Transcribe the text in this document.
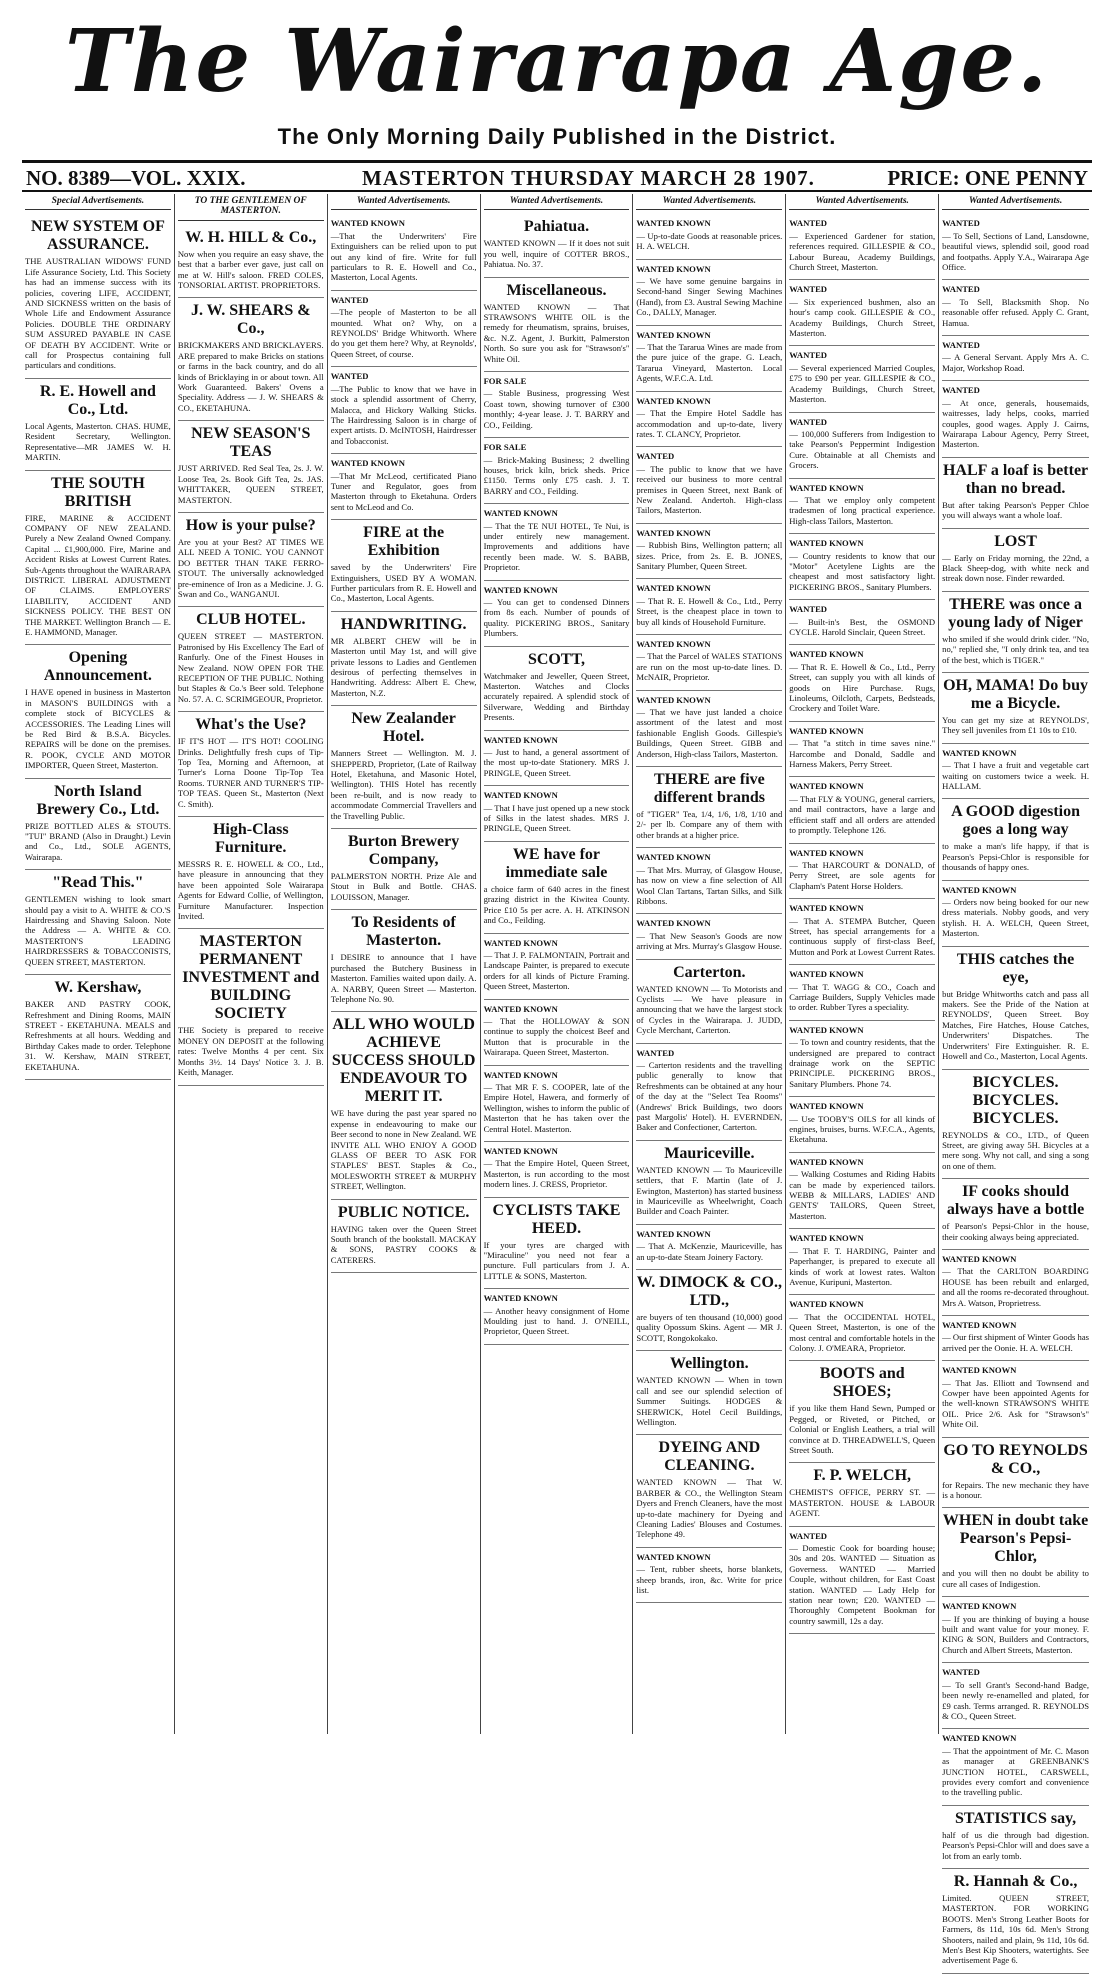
The Wairarapa Age.
The Only Morning Daily Published in the District.
NO. 8389—VOL. XXIX.	MASTERTON THURSDAY MARCH 28 1907.	PRICE: ONE PENNY
Special Advertisements.
NEW SYSTEM OF ASSURANCE.

THE AUSTRALIAN WIDOWS' FUND Life Assurance Society, Ltd. This Society has had an immense success with its policies, covering LIFE, ACCIDENT, AND SICKNESS written on the basis of Whole Life and Endowment Assurance Policies. DOUBLE THE ORDINARY SUM ASSURED PAYABLE IN CASE OF DEATH BY ACCIDENT. Write or call for Prospectus containing full particulars and conditions.

R. E. Howell and Co., Ltd.

Local Agents, Masterton. CHAS. HUME, Resident Secretary, Wellington. Representative—MR JAMES W. H. MARTIN.

THE SOUTH BRITISH

FIRE, MARINE & ACCIDENT COMPANY OF NEW ZEALAND. Purely a New Zealand Owned Company. Capital ... £1,900,000. Fire, Marine and Accident Risks at Lowest Current Rates. Sub-Agents throughout the WAIRARAPA DISTRICT. LIBERAL ADJUSTMENT OF CLAIMS. EMPLOYERS' LIABILITY, ACCIDENT AND SICKNESS POLICY. THE BEST ON THE MARKET. Wellington Branch — E. E. HAMMOND, Manager.

Opening Announcement.

I HAVE opened in business in Masterton in MASON'S BUILDINGS with a complete stock of BICYCLES & ACCESSORIES. The Leading Lines will be Red Bird & B.S.A. Bicycles. REPAIRS will be done on the premises. R. POOK, CYCLE AND MOTOR IMPORTER, Queen Street, Masterton.

North Island Brewery Co., Ltd.

PRIZE BOTTLED ALES & STOUTS. "TUI" BRAND (Also in Draught.) Levin and Co., Ltd., SOLE AGENTS, Wairarapa.

"Read This."

GENTLEMEN wishing to look smart should pay a visit to A. WHITE & CO.'S Hairdressing and Shaving Saloon. Note the Address — A. WHITE & CO. MASTERTON'S LEADING HAIRDRESSERS & TOBACCONISTS, QUEEN STREET, MASTERTON.

W. Kershaw,

BAKER AND PASTRY COOK, Refreshment and Dining Rooms, MAIN STREET - EKETAHUNA. MEALS and Refreshments at all hours. Wedding and Birthday Cakes made to order. Telephone 31. W. Kershaw, MAIN STREET, EKETAHUNA.

TO THE GENTLEMEN OF MASTERTON.
W. H. HILL & Co.,

Now when you require an easy shave, the best that a barber ever gave, just call on me at W. Hill's saloon. FRED COLES, TONSORIAL ARTIST. PROPRIETORS.

J. W. SHEARS & Co.,

BRICKMAKERS AND BRICKLAYERS. ARE prepared to make Bricks on stations or farms in the back country, and do all kinds of Bricklaying in or about town. All Work Guaranteed. Bakers' Ovens a Speciality. Address — J. W. SHEARS & CO., EKETAHUNA.

NEW SEASON'S TEAS

JUST ARRIVED. Red Seal Tea, 2s. J. W. Loose Tea, 2s. Book Gift Tea, 2s. JAS. WHITTAKER, QUEEN STREET, MASTERTON.

How is your pulse?

Are you at your Best? AT TIMES WE ALL NEED A TONIC. YOU CANNOT DO BETTER THAN TAKE FERRO-STOUT. The universally acknowledged pre-eminence of Iron as a Medicine. J. G. Swan and Co., WANGANUI.

CLUB HOTEL.

QUEEN STREET — MASTERTON. Patronised by His Excellency The Earl of Ranfurly. One of the Finest Houses in New Zealand. NOW OPEN FOR THE RECEPTION OF THE PUBLIC. Nothing but Staples & Co.'s Beer sold. Telephone No. 57. A. C. SCRIMGEOUR, Proprietor.

What's the Use?

IF IT'S HOT — IT'S HOT! COOLING Drinks. Delightfully fresh cups of Tip-Top Tea, Morning and Afternoon, at Turner's Lorna Doone Tip-Top Tea Rooms. TURNER AND TURNER'S TIP-TOP TEAS. Queen St., Masterton (Next C. Smith).

High-Class Furniture.

MESSRS R. E. HOWELL & CO., Ltd., have pleasure in announcing that they have been appointed Sole Wairarapa Agents for Edward Collie, of Wellington, Furniture Manufacturer. Inspection Invited.

MASTERTON PERMANENT INVESTMENT and BUILDING SOCIETY

THE Society is prepared to receive MONEY ON DEPOSIT at the following rates: Twelve Months 4 per cent. Six Months 3½. 14 Days' Notice 3. J. B. Keith, Manager.

Wanted Advertisements.
WANTED KNOWN

—That the Underwriters' Fire Extinguishers can be relied upon to put out any kind of fire. Write for full particulars to R. E. Howell and Co., Masterton, Local Agents.

WANTED

—The people of Masterton to be all mounted. What on? Why, on a REYNOLDS' Bridge Whitworth. Where do you get them here? Why, at Reynolds', Queen Street, of course.

WANTED

—The Public to know that we have in stock a splendid assortment of Cherry, Malacca, and Hickory Walking Sticks. The Hairdressing Saloon is in charge of expert artists. D. McINTOSH, Hairdresser and Tobacconist.

WANTED KNOWN

—That Mr McLeod, certificated Piano Tuner and Regulator, goes from Masterton through to Eketahuna. Orders sent to McLeod and Co.

FIRE at the Exhibition

saved by the Underwriters' Fire Extinguishers, USED BY A WOMAN. Further particulars from R. E. Howell and Co., Masterton, Local Agents.

HANDWRITING.

MR ALBERT CHEW will be in Masterton until May 1st, and will give private lessons to Ladies and Gentlemen desirous of perfecting themselves in Handwriting. Address: Albert E. Chew, Masterton, N.Z.

New Zealander Hotel.

Manners Street — Wellington. M. J. SHEPPERD, Proprietor, (Late of Railway Hotel, Eketahuna, and Masonic Hotel, Wellington). THIS Hotel has recently been re-built, and is now ready to accommodate Commercial Travellers and the Travelling Public.

Burton Brewery Company,

PALMERSTON NORTH. Prize Ale and Stout in Bulk and Bottle. CHAS. LOUISSON, Manager.

To Residents of Masterton.

I DESIRE to announce that I have purchased the Butchery Business in Masterton. Families waited upon daily. A. A. NARBY, Queen Street — Masterton. Telephone No. 90.

ALL WHO WOULD ACHIEVE SUCCESS SHOULD ENDEAVOUR TO MERIT IT.

WE have during the past year spared no expense in endeavouring to make our Beer second to none in New Zealand. WE INVITE ALL WHO ENJOY A GOOD GLASS OF BEER TO ASK FOR STAPLES' BEST. Staples & Co., MOLESWORTH STREET & MURPHY STREET, Wellington.

PUBLIC NOTICE.

HAVING taken over the Queen Street South branch of the bookstall. MACKAY & SONS, PASTRY COOKS & CATERERS.

Wanted Advertisements.
Pahiatua.

WANTED KNOWN — If it does not suit you well, inquire of COTTER BROS., Pahiatua. No. 37.

Miscellaneous.

WANTED KNOWN — That STRAWSON'S WHITE OIL is the remedy for rheumatism, sprains, bruises, &c. N.Z. Agent, J. Burkitt, Palmerston North. So sure you ask for "Strawson's" White Oil.

FOR SALE

— Stable Business, progressing West Coast town, showing turnover of £300 monthly; 4-year lease. J. T. BARRY and CO., Feilding.

FOR SALE

— Brick-Making Business; 2 dwelling houses, brick kiln, brick sheds. Price £1150. Terms only £75 cash. J. T. BARRY and CO., Feilding.

WANTED KNOWN

— That the TE NUI HOTEL, Te Nui, is under entirely new management. Improvements and additions have recently been made. W. S. BABB, Proprietor.

WANTED KNOWN

— You can get to condensed Dinners from 8s each. Number of pounds of quality. PICKERING BROS., Sanitary Plumbers.

SCOTT,

Watchmaker and Jeweller, Queen Street, Masterton. Watches and Clocks accurately repaired. A splendid stock of Silverware, Wedding and Birthday Presents.

WANTED KNOWN

— Just to hand, a general assortment of the most up-to-date Stationery. MRS J. PRINGLE, Queen Street.

WANTED KNOWN

— That I have just opened up a new stock of Silks in the latest shades. MRS J. PRINGLE, Queen Street.

WE have for immediate sale

a choice farm of 640 acres in the finest grazing district in the Kiwitea County. Price £10 5s per acre. A. H. ATKINSON and Co., Feilding.

WANTED KNOWN

— That J. P. FALMONTAIN, Portrait and Landscape Painter, is prepared to execute orders for all kinds of Picture Framing. Queen Street, Masterton.

WANTED KNOWN

— That the HOLLOWAY & SON continue to supply the choicest Beef and Mutton that is procurable in the Wairarapa. Queen Street, Masterton.

WANTED KNOWN

— That MR F. S. COOPER, late of the Empire Hotel, Hawera, and formerly of Wellington, wishes to inform the public of Masterton that he has taken over the Central Hotel. Masterton.

WANTED KNOWN

— That the Empire Hotel, Queen Street, Masterton, is run according to the most modern lines. J. CRESS, Proprietor.

CYCLISTS TAKE HEED.

If your tyres are charged with "Miraculine" you need not fear a puncture. Full particulars from J. A. LITTLE & SONS, Masterton.

WANTED KNOWN

— Another heavy consignment of Home Moulding just to hand. J. O'NEILL, Proprietor, Queen Street.

Wanted Advertisements.
WANTED KNOWN

— Up-to-date Goods at reasonable prices. H. A. WELCH.

WANTED KNOWN

— We have some genuine bargains in Second-hand Singer Sewing Machines (Hand), from £3. Austral Sewing Machine Co., DALLY, Manager.

WANTED KNOWN

— That the Tararua Wines are made from the pure juice of the grape. G. Leach, Tararua Vineyard, Masterton. Local Agents, W.F.C.A. Ltd.

WANTED KNOWN

— That the Empire Hotel Saddle has accommodation and up-to-date, livery rates. T. CLANCY, Proprietor.

WANTED

— The public to know that we have received our business to more central premises in Queen Street, next Bank of New Zealand. Andertoh. High-class Tailors, Masterton.

WANTED KNOWN

— Rubbish Bins, Wellington pattern; all sizes. Price, from 2s. E. B. JONES, Sanitary Plumber, Queen Street.

WANTED KNOWN

— That R. E. Howell & Co., Ltd., Perry Street, is the cheapest place in town to buy all kinds of Household Furniture.

WANTED KNOWN

— That the Parcel of WALES STATIONS are run on the most up-to-date lines. D. McNAIR, Proprietor.

WANTED KNOWN

— That we have just landed a choice assortment of the latest and most fashionable English Goods. Gillespie's Buildings, Queen Street. GIBB and Anderson, High-class Tailors, Masterton.

THERE are five different brands

of "TIGER" Tea, 1/4, 1/6, 1/8, 1/10 and 2/- per lb. Compare any of them with other brands at a higher price.

WANTED KNOWN

— That Mrs. Murray, of Glasgow House, has now on view a fine selection of All Wool Clan Tartans, Tartan Silks, and Silk Ribbons.

WANTED KNOWN

— That New Season's Goods are now arriving at Mrs. Murray's Glasgow House.

Carterton.

WANTED KNOWN — To Motorists and Cyclists — We have pleasure in announcing that we have the largest stock of Cycles in the Wairarapa. J. JUDD, Cycle Merchant, Carterton.

WANTED

— Carterton residents and the travelling public generally to know that Refreshments can be obtained at any hour of the day at the "Select Tea Rooms" (Andrews' Brick Buildings, two doors past Margolis' Hotel). H. EVERNDEN, Baker and Confectioner, Carterton.

Mauriceville.

WANTED KNOWN — To Mauriceville settlers, that F. Martin (late of J. Ewington, Masterton) has started business in Mauriceville as Wheelwright, Coach Builder and Coach Painter.

WANTED KNOWN

— That A. McKenzie, Mauriceville, has an up-to-date Steam Joinery Factory.

W. DIMOCK & CO., LTD.,

are buyers of ten thousand (10,000) good quality Opossum Skins. Agent — MR J. SCOTT, Rongokokako.

Wellington.

WANTED KNOWN — When in town call and see our splendid selection of Summer Suitings. HODGES & SHERWICK, Hotel Cecil Buildings, Wellington.

DYEING AND CLEANING.

WANTED KNOWN — That W. BARBER & CO., the Wellington Steam Dyers and French Cleaners, have the most up-to-date machinery for Dyeing and Cleaning Ladies' Blouses and Costumes. Telephone 49.

WANTED KNOWN

— Tent, rubber sheets, horse blankets, sheep brands, iron, &c. Write for price list.

Wanted Advertisements.
WANTED

— Experienced Gardener for station, references required. GILLESPIE & CO., Labour Bureau, Academy Buildings, Church Street, Masterton.

WANTED

— Six experienced bushmen, also an hour's camp cook. GILLESPIE & CO., Academy Buildings, Church Street, Masterton.

WANTED

— Several experienced Married Couples, £75 to £90 per year. GILLESPIE & CO., Academy Buildings, Church Street, Masterton.

WANTED

— 100,000 Sufferers from Indigestion to take Pearson's Peppermint Indigestion Cure. Obtainable at all Chemists and Grocers.

WANTED KNOWN

— That we employ only competent tradesmen of long practical experience. High-class Tailors, Masterton.

WANTED KNOWN

— Country residents to know that our "Motor" Acetylene Lights are the cheapest and most satisfactory light. PICKERING BROS., Sanitary Plumbers.

WANTED

— Built-in's Best, the OSMOND CYCLE. Harold Sinclair, Queen Street.

WANTED KNOWN

— That R. E. Howell & Co., Ltd., Perry Street, can supply you with all kinds of goods on Hire Purchase. Rugs, Linoleums, Oilcloth, Carpets, Bedsteads, Crockery and Toilet Ware.

WANTED KNOWN

— That "a stitch in time saves nine." Harcombe and Donald, Saddle and Harness Makers, Perry Street.

WANTED KNOWN

— That FLY & YOUNG, general carriers, and mail contractors, have a large and efficient staff and all orders are attended to promptly. Telephone 126.

WANTED KNOWN

— That HARCOURT & DONALD, of Perry Street, are sole agents for Clapham's Patent Horse Holders.

WANTED KNOWN

— That A. STEMPA Butcher, Queen Street, has special arrangements for a continuous supply of first-class Beef, Mutton and Pork at Lowest Current Rates.

WANTED KNOWN

— That T. WAGG & CO., Coach and Carriage Builders, Supply Vehicles made to order. Rubber Tyres a speciality.

WANTED KNOWN

— To town and country residents, that the undersigned are prepared to contract drainage work on the SEPTIC PRINCIPLE. PICKERING BROS., Sanitary Plumbers. Phone 74.

WANTED KNOWN

— Use TOOBY'S OILS for all kinds of engines, bruises, burns. W.F.C.A., Agents, Eketahuna.

WANTED KNOWN

— Walking Costumes and Riding Habits can be made by experienced tailors. WEBB & MILLARS, LADIES' AND GENTS' TAILORS, Queen Street, Masterton.

WANTED KNOWN

— That F. T. HARDING, Painter and Paperhanger, is prepared to execute all kinds of work at lowest rates. Walton Avenue, Kuripuni, Masterton.

WANTED KNOWN

— That the OCCIDENTAL HOTEL, Queen Street, Masterton, is one of the most central and comfortable hotels in the Colony. J. O'MEARA, Proprietor.

BOOTS and SHOES;

if you like them Hand Sewn, Pumped or Pegged, or Riveted, or Pitched, or Colonial or English Leathers, a trial will convince at D. THREADWELL'S, Queen Street South.

F. P. WELCH,

CHEMIST'S OFFICE, PERRY ST. — MASTERTON. HOUSE & LABOUR AGENT.

WANTED

— Domestic Cook for boarding house; 30s and 20s. WANTED — Situation as Governess. WANTED — Married Couple, without children, for East Coast station. WANTED — Lady Help for station near town; £20. WANTED — Thoroughly Competent Bookman for country sawmill, 12s a day.

Wanted Advertisements.
WANTED

— To Sell, Sections of Land, Lansdowne, beautiful views, splendid soil, good road and footpaths. Apply Y.A., Wairarapa Age Office.

WANTED

— To Sell, Blacksmith Shop. No reasonable offer refused. Apply C. Grant, Hamua.

WANTED

— A General Servant. Apply Mrs A. C. Major, Workshop Road.

WANTED

— At once, generals, housemaids, waitresses, lady helps, cooks, married couples, good wages. Apply J. Cairns, Wairarapa Labour Agency, Perry Street, Masterton.

HALF a loaf is better than no bread.

But after taking Pearson's Pepper Chloe you will always want a whole loaf.

LOST

— Early on Friday morning, the 22nd, a Black Sheep-dog, with white neck and streak down nose. Finder rewarded.

THERE was once a young lady of Niger

who smiled if she would drink cider. "No, no," replied she, "I only drink tea, and tea of the best, which is TIGER."

OH, MAMA! Do buy me a Bicycle.

You can get my size at REYNOLDS', They sell juveniles from £1 10s to £10.

WANTED KNOWN

— That I have a fruit and vegetable cart waiting on customers twice a week. H. HALLAM.

A GOOD digestion goes a long way

to make a man's life happy, if that is Pearson's Pepsi-Chlor is responsible for thousands of happy ones.

WANTED KNOWN

— Orders now being booked for our new dress materials. Nobby goods, and very stylish. H. A. WELCH, Queen Street, Masterton.

THIS catches the eye,

but Bridge Whitworths catch and pass all makers. See the Pride of the Nation at REYNOLDS', Queen Street. Boy Matches, Fire Hatches, House Catches, Underwriters' Dispatches. The Underwriters' Fire Extinguisher. R. E. Howell and Co., Masterton, Local Agents.

BICYCLES. BICYCLES. BICYCLES.

REYNOLDS & CO., LTD., of Queen Street, are giving away 5H. Bicycles at a mere song. Why not call, and sing a song on one of them.

IF cooks should always have a bottle

of Pearson's Pepsi-Chlor in the house, their cooking always being appreciated.

WANTED KNOWN

— That the CARLTON BOARDING HOUSE has been rebuilt and enlarged, and all the rooms re-decorated throughout. Mrs A. Watson, Proprietress.

WANTED KNOWN

— Our first shipment of Winter Goods has arrived per the Oonie. H. A. WELCH.

WANTED KNOWN

— That Jas. Elliott and Townsend and Cowper have been appointed Agents for the well-known STRAWSON'S WHITE OIL. Price 2/6. Ask for "Strawson's" White Oil.

GO TO REYNOLDS & CO.,

for Repairs. The new mechanic they have is a honour.

WHEN in doubt take Pearson's Pepsi-Chlor,

and you will then no doubt be ability to cure all cases of Indigestion.

WANTED KNOWN

— If you are thinking of buying a house built and want value for your money. F. KING & SON, Builders and Contractors, Church and Albert Streets, Masterton.

WANTED

— To sell Grant's Second-hand Badge, been newly re-enamelled and plated, for £9 cash. Terms arranged. R. REYNOLDS & CO., Queen Street.

WANTED KNOWN

— That the appointment of Mr. C. Mason as manager at GREENBANK'S JUNCTION HOTEL, CARSWELL, provides every comfort and convenience to the travelling public.

STATISTICS say,

half of us die through bad digestion. Pearson's Pepsi-Chlor will and does save a lot from an early tomb.

R. Hannah & Co.,

Limited. QUEEN STREET, MASTERTON. FOR WORKING BOOTS. Men's Strong Leather Boots for Farmers, 8s 11d, 10s 6d. Men's Strong Shooters, nailed and plain, 9s 11d, 10s 6d. Men's Best Kip Shooters, watertights. See advertisement Page 6.
